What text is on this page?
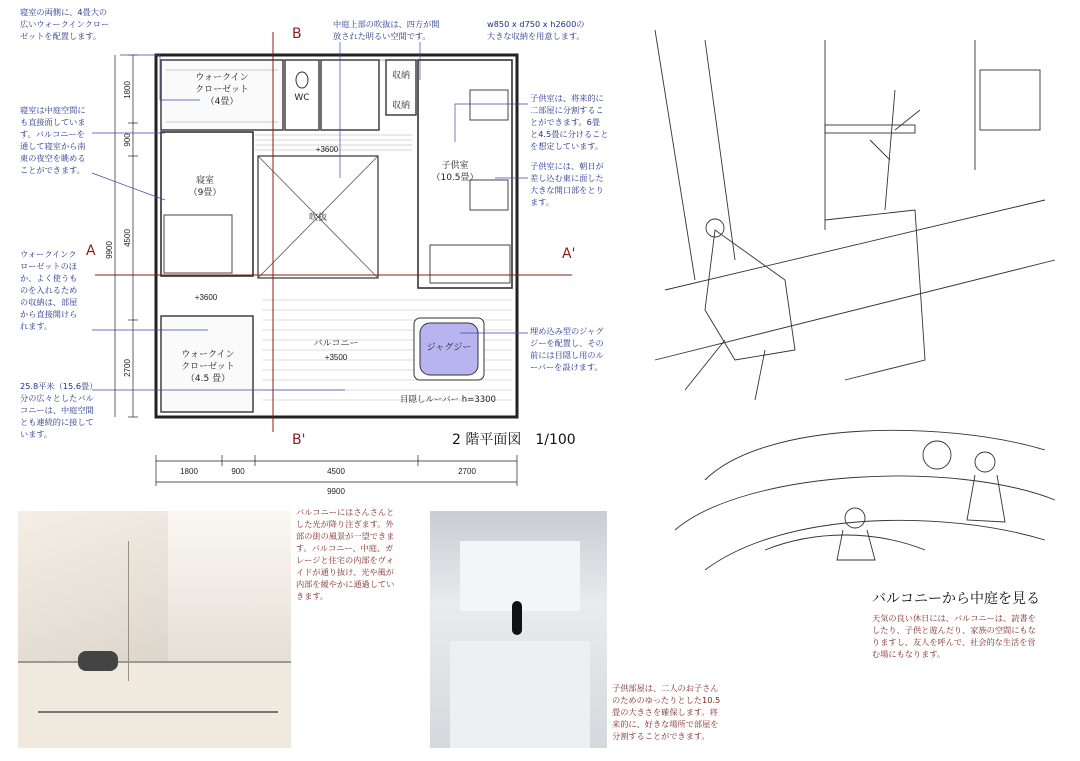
ウォークインクローゼット（4畳）	WC
収納
収納
寝室（9畳）
吹抜
子供室（10.5畳）
ウォークインクローゼット（4.5 畳）
バルコニー	ジャグジー
目隠しルーバー h=3300
+3600
+3600
+3500
A	A'
B
B'
1800
900
4500
2700
9900
1800	900	4500	2700
9900
2 階平面図　1/100
寝室の両側に、4畳大の
広いウォークインクロー
ゼットを配置します。
寝室は中庭空間に
も直接面していま
す。バルコニーを
通して寝室から南
東の夜空を眺める
ことができます。
ウォークインク
ローゼットのほ
か、よく使うも
のを入れるため
の収納は、部屋
から直接開けら
れます。
25.8平米（15.6畳）
分の広々としたバル
コニーは、中庭空間
とも連続的に接して
います。
中庭上部の吹抜は、四方が開
放された明るい空間です。
w850 x d750 x h2600の
大きな収納を用意します。
子供室は、将来的に
二部屋に分割するこ
とができます。6畳
と4.5畳に分けること
を想定しています。
子供室には、朝日が
差し込む東に面した
大きな開口部をとり
ます。
埋め込み型のジャグ
ジーを配置し、その
前には目隠し用のル
ーバーを設けます。
バルコニーにはさんさんと
した光が降り注ぎます。外
部の街の風景が一望できま
す。バルコニー、中庭、ガ
レージと住宅の内部をヴォ
イドが通り抜け、光や風が
内部を緩やかに通過してい
きます。
子供部屋は、二人のお子さん
のためのゆったりとした10.5
畳の大きさを確保します。将
来的に、好きな場所で部屋を
分割することができます。
バルコニーから中庭を見る
天気の良い休日には、バルコニーは、読書を
したり、子供と遊んだり、家族の空間にもな
りますし、友人を呼んで、社会的な生活を営
む場にもなります。
